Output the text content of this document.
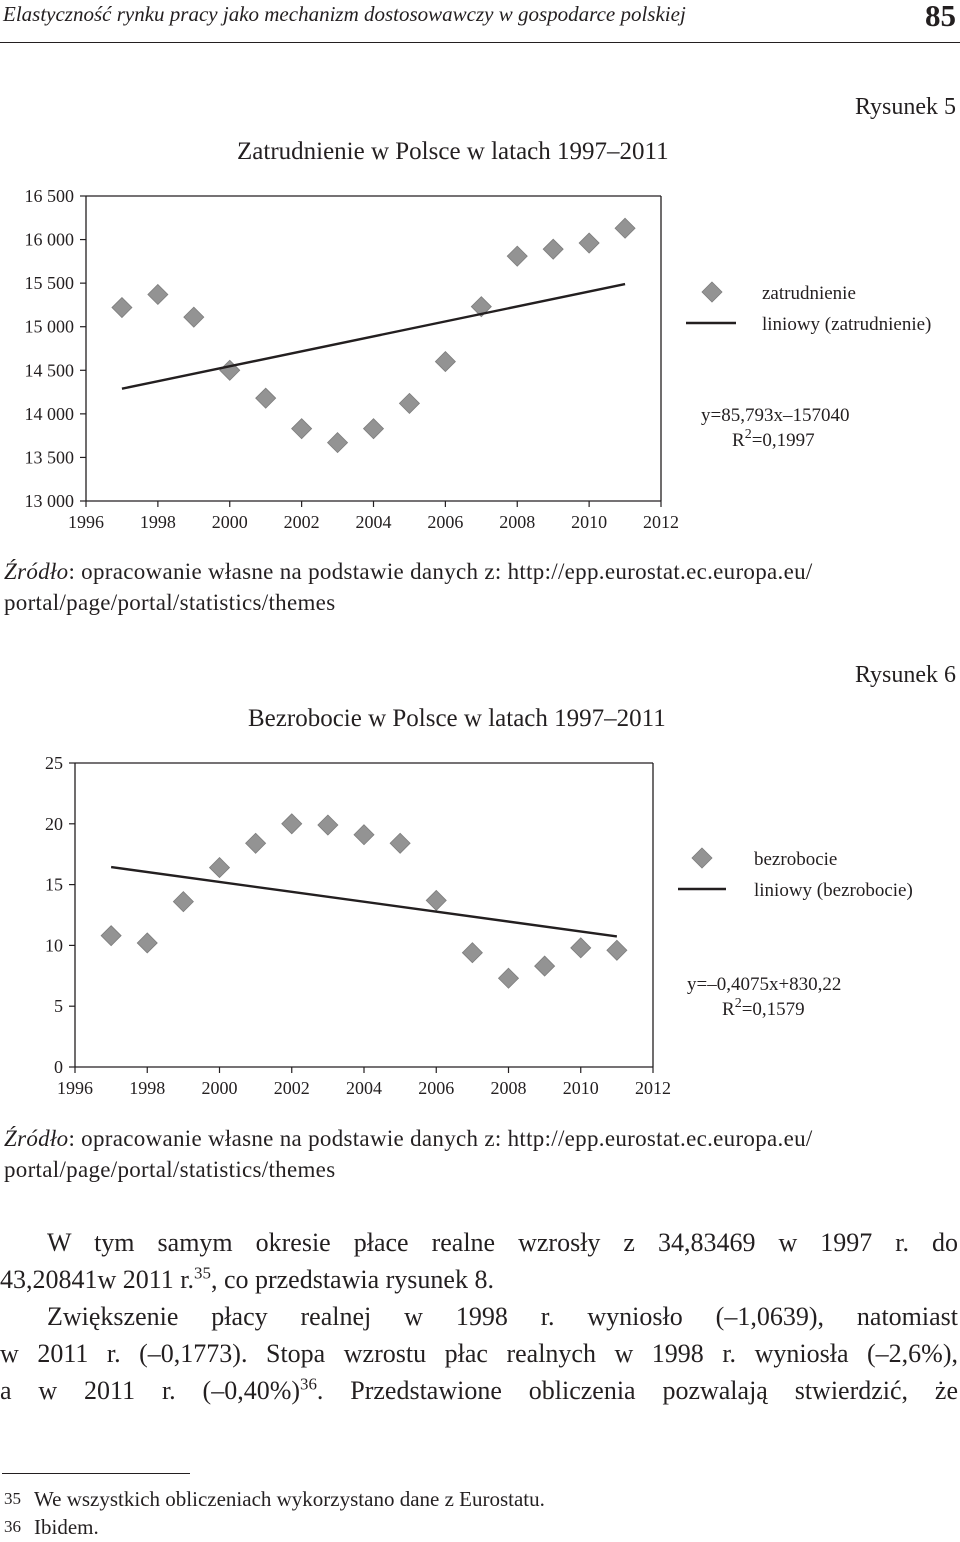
Elastyczność rynku pracy jako mechanizm dostosowawczy w gospodarce polskiej	85
Rysunek 5
Zatrudnienie w Polsce w latach 1997–2011
13 000
13 500
14 000
14 500
15 000
15 500
16 000
16 500
1996 1998 2000 2002 2004 2006 2008 2010 2012
zatrudnienie
liniowy (zatrudnienie)
y=85,793x–157040
$R^2=0,1997$
Źródło: opracowanie własne na podstawie danych z: http://epp.eurostat.ec.europa.eu/ portal/page/portal/statistics/themes
Rysunek 6
Bezrobocie w Polsce w latach 1997–2011
0
5
10
15
20
25
1996 1998 2000 2002 2004 2006 2008 2010 2012
bezrobocie
liniowy (bezrobocie)
y=–0,4075x+830,22
$R^2=0,1579$
Źródło: opracowanie własne na podstawie danych z: http://epp.eurostat.ec.europa.eu/ portal/page/portal/statistics/themes

W tym samym okresie płace realne wzrosły z 34,83469 w 1997 r. do

43,20841w 2011 r.$^{35}$, co przedstawia rysunek 8.

Zwiększenie płacy realnej w 1998 r. wyniosło (–1,0639), natomiast

w 2011 r. (–0,1773). Stopa wzrostu płac realnych w 1998 r. wyniosła (–2,6%),

a w 2011 r. $(-0,40\%)^{36}$. Przedstawione obliczenia pozwalają stwierdzić, że

35 We wszystkich obliczeniach wykorzystano dane z Eurostatu.
36 Ibidem.
